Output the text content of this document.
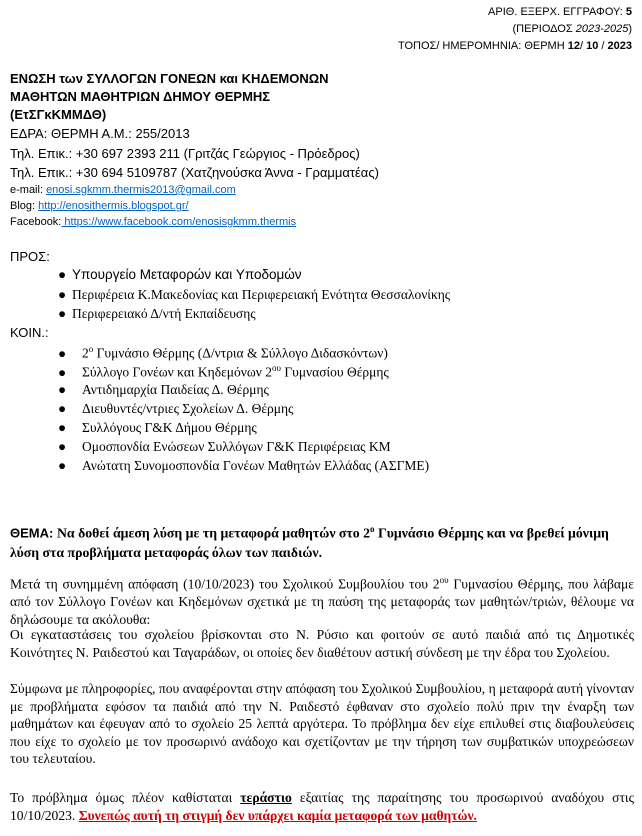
ΑΡΙΘ. ΕΞΕΡΧ. ΕΓΓΡΑΦΟΥ: 5
(ΠΕΡΙΟΔΟΣ 2023-2025)
ΤΟΠΟΣ/ ΗΜΕΡΟΜΗΝΙΑ: ΘΕΡΜΗ 12/ 10 / 2023
ΕΝΩΣΗ των ΣΥΛΛΟΓΩΝ ΓΟΝΕΩΝ και ΚΗΔΕΜΟΝΩΝ
ΜΑΘΗΤΩΝ ΜΑΘΗΤΡΙΩΝ ΔΗΜΟΥ ΘΕΡΜΗΣ
(ΕτΣΓκΚΜΜΔΘ)
ΕΔΡΑ: ΘΕΡΜΗ Α.Μ.: 255/2013
Τηλ. Επικ.: +30 697 2393 211 (Γριτζάς Γεώργιος - Πρόεδρος)
Τηλ. Επικ.: +30 694 5109787 (Χατζηνούσκα Άννα - Γραμματέας)
e-mail: enosi.sgkmm.thermis2013@gmail.com
Blog: http://enosithermis.blogspot.gr/
Facebook: https://www.facebook.com/enosisgkmm.thermis
ΠΡΟΣ:
● Υπουργείο Μεταφορών και Υποδομών
● Περιφέρεια Κ.Μακεδονίας και Περιφερειακή Ενότητα Θεσσαλονίκης
● Περιφερειακό Δ/ντή Εκπαίδευσης
ΚΟΙΝ.:
● $2^o$ Γυμνάσιο Θέρμης (Δ/ντρια & Σύλλογο Διδασκόντων)
● Σύλλογο Γονέων και Κηδεμόνων $2^{o\upsilon}$ Γυμνασίου Θέρμης
● Αντιδημαρχία Παιδείας Δ. Θέρμης
● Διευθυντές/ντριες Σχολείων Δ. Θέρμης
● Συλλόγους Γ&Κ Δήμου Θέρμης
● Ομοσπονδία Ενώσεων Συλλόγων Γ&Κ Περιφέρειας ΚΜ
● Ανώτατη Συνομοσπονδία Γονέων Μαθητών Ελλάδας (ΑΣΓΜΕ)
ΘΕΜΑ: Να δοθεί άμεση λύση με τη μεταφορά μαθητών στο $2^o$ Γυμνάσιο Θέρμης και να βρεθεί μόνιμη λύση στα προβλήματα μεταφοράς όλων των παιδιών.
Μετά τη συνημμένη απόφαση (10/10/2023) του Σχολικού Συμβουλίου του $2^{o\upsilon}$ Γυμνασίου Θέρμης, που λάβαμε από τον Σύλλογο Γονέων και Κηδεμόνων σχετικά με τη παύση της μεταφοράς των μαθητών/τριών, θέλουμε να δηλώσουμε τα ακόλουθα:
Οι εγκαταστάσεις του σχολείου βρίσκονται στο Ν. Ρύσιο και φοιτούν σε αυτό παιδιά από τις Δημοτικές Κοινότητες Ν. Ραιδεστού και Ταγαράδων, οι οποίες δεν διαθέτουν αστική σύνδεση με την έδρα του Σχολείου.
Σύμφωνα με πληροφορίες, που αναφέρονται στην απόφαση του Σχολικού Συμβουλίου, η μεταφορά αυτή γίνονταν με προβλήματα εφόσον τα παιδιά από την Ν. Ραιδεστό έφθαναν στο σχολείο πολύ πριν την έναρξη των μαθημάτων και έφευγαν από το σχολείο 25 λεπτά αργότερα. Το πρόβλημα δεν είχε επιλυθεί στις διαβουλεύσεις που είχε το σχολείο με τον προσωρινό ανάδοχο και σχετίζονταν με την τήρηση των συμβατικών υποχρεώσεων του τελευταίου.
Το πρόβλημα όμως πλέον καθίσταται τεράστιο εξαιτίας της παραίτησης του προσωρινού αναδόχου στις 10/10/2023. Συνεπώς αυτή τη στιγμή δεν υπάρχει καμία μεταφορά των μαθητών.
